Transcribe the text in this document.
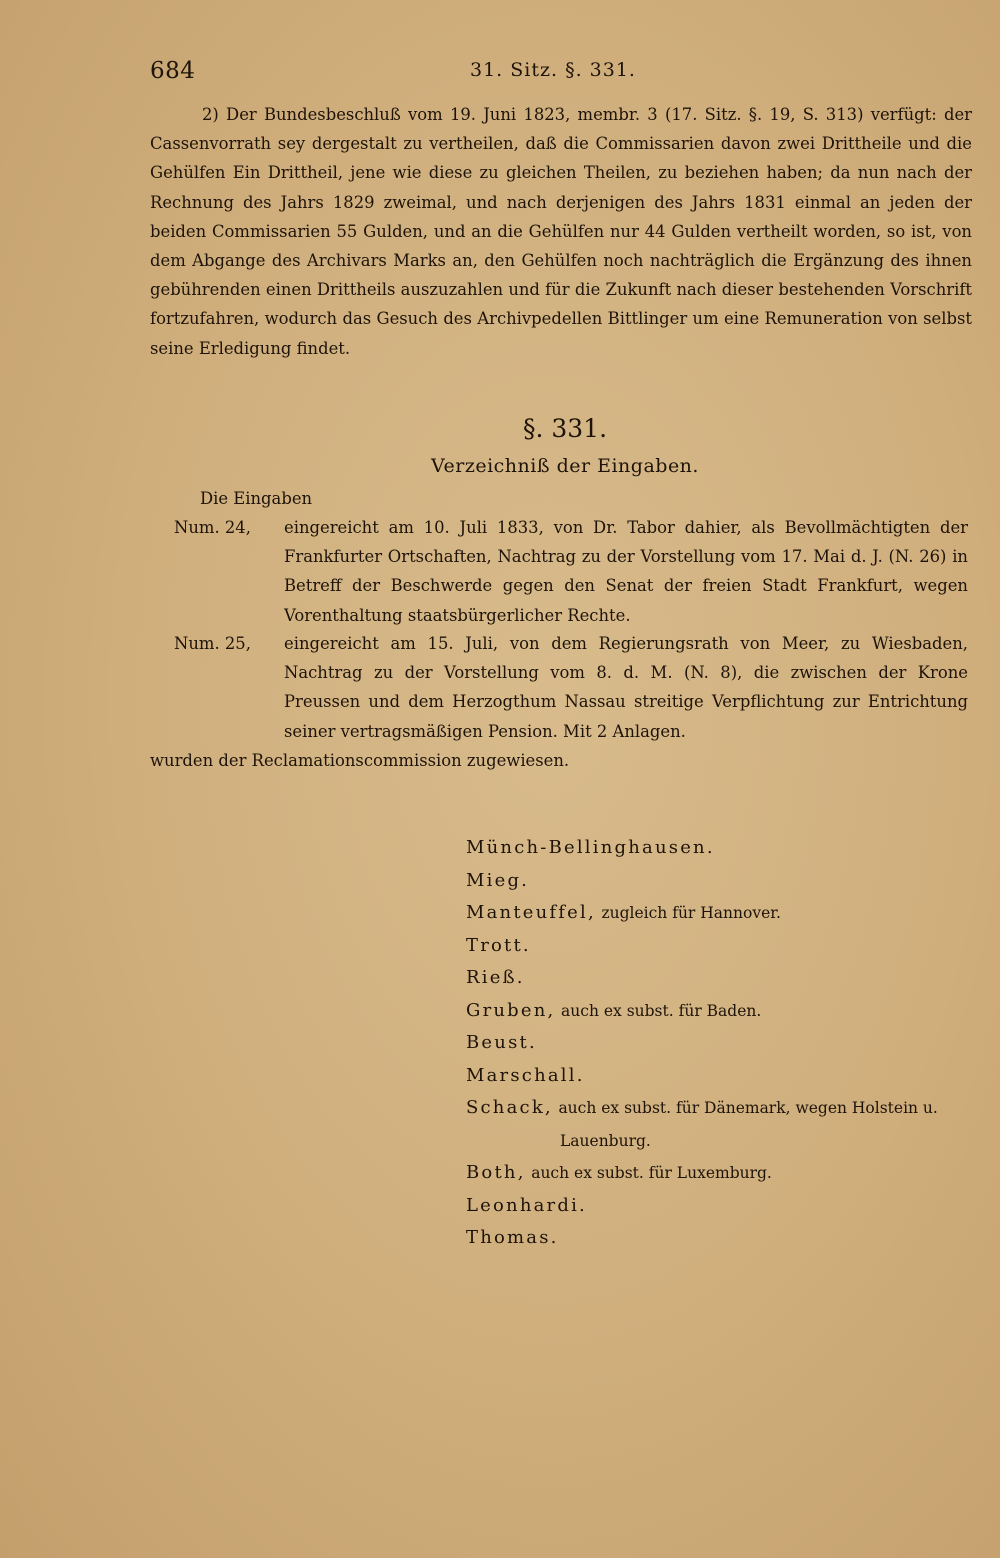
684	31. Sitz. §. 331.
2) Der Bundesbeschluß vom 19. Juni 1823, membr. 3 (17. Sitz. §. 19, S. 313) verfügt: der Cassenvorrath sey dergestalt zu vertheilen, daß die Commissarien davon zwei Drittheile und die Gehülfen Ein Drittheil, jene wie diese zu gleichen Theilen, zu beziehen haben; da nun nach der Rechnung des Jahrs 1829 zweimal, und nach derjenigen des Jahrs 1831 einmal an jeden der beiden Commissarien 55 Gulden, und an die Gehülfen nur 44 Gulden vertheilt worden, so ist, von dem Abgange des Archivars Marks an, den Gehülfen noch nachträglich die Ergänzung des ihnen gebührenden einen Drittheils auszuzahlen und für die Zukunft nach dieser bestehenden Vorschrift fortzufahren, wodurch das Gesuch des Archivpedellen Bittlinger um eine Remuneration von selbst seine Erledigung findet.
§. 331.
Verzeichniß der Eingaben.
Die Eingaben
Num. 24,	eingereicht am 10. Juli 1833, von Dr. Tabor dahier, als Bevollmächtigten der Frankfurter Ortschaften, Nachtrag zu der Vorstellung vom 17. Mai d. J. (N. 26) in Betreff der Beschwerde gegen den Senat der freien Stadt Frankfurt, wegen Vorenthaltung staatsbürgerlicher Rechte.
Num. 25,	eingereicht am 15. Juli, von dem Regierungsrath von Meer, zu Wiesbaden, Nachtrag zu der Vorstellung vom 8. d. M. (N. 8), die zwischen der Krone Preussen und dem Herzogthum Nassau streitige Verpflichtung zur Entrichtung seiner vertragsmäßigen Pension. Mit 2 Anlagen.
wurden der Reclamationscommission zugewiesen.
Münch-Bellinghausen.
Mieg.
Manteuffel, zugleich für Hannover.
Trott.
Rieß.
Gruben, auch ex subst. für Baden.
Beust.
Marschall.
Schack, auch ex subst. für Dänemark, wegen Holstein u.
Lauenburg.
Both, auch ex subst. für Luxemburg.
Leonhardi.
Thomas.
